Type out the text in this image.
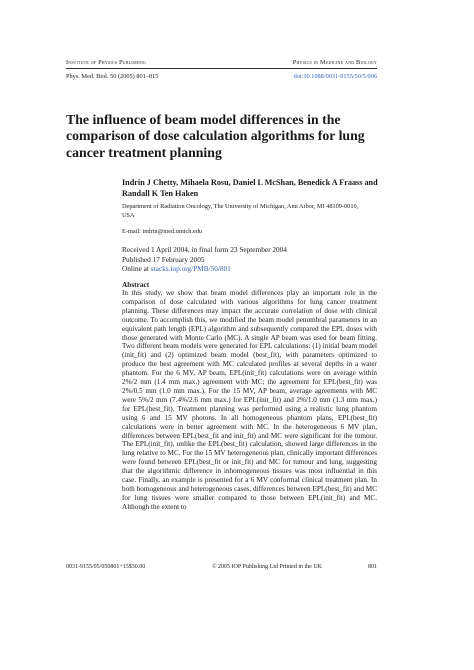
Institute of Physics Publishing	Physics in Medicine and Biology
Phys. Med. Biol. 50 (2005) 801–815	doi:10.1088/0031-9155/50/5/006
The influence of beam model differences in the comparison of dose calculation algorithms for lung cancer treatment planning
Indrin J Chetty, Mihaela Rosu, Daniel L McShan, Benedick A Fraass and Randall K Ten Haken
Department of Radiation Oncology, The University of Michigan, Ann Arbor, MI 48109-0010, USA
E-mail: indrin@med.umich.edu
Received 1 April 2004, in final form 23 September 2004
Published 17 February 2005
Online at stacks.iop.org/PMB/50/801
Abstract

In this study, we show that beam model differences play an important role in the comparison of dose calculated with various algorithms for lung cancer treatment planning. These differences may impact the accurate correlation of dose with clinical outcome. To accomplish this, we modified the beam model penumbral parameters in an equivalent path length (EPL) algorithm and subsequently compared the EPL doses with those generated with Monte Carlo (MC). A single AP beam was used for beam fitting. Two different beam models were generated for EPL calculations: (1) initial beam model (init_fit) and (2) optimized beam model (best_fit), with parameters optimized to produce the best agreement with MC calculated profiles at several depths in a water phantom. For the 6 MV, AP beam, EPL(init_fit) calculations were on average within 2%/2 mm (1.4 mm max.) agreement with MC; the agreement for EPL(best_fit) was 2%/0.5 mm (1.0 mm max.). For the 15 MV, AP beam, average agreements with MC were 5%/2 mm (7.4%/2.6 mm max.) for EPL(init_fit) and 2%/1.0 mm (1.3 mm max.) for EPL(best_fit). Treatment planning was performed using a realistic lung phantom using 6 and 15 MV photons. In all homogeneous phantom plans, EPL(best_fit) calculations were in better agreement with MC. In the heterogeneous 6 MV plan, differences between EPL(best_fit and init_fit) and MC were significant for the tumour. The EPL(init_fit), unlike the EPL(best_fit) calculation, showed large differences in the lung relative to MC. For the 15 MV heterogeneous plan, clinically important differences were found between EPL(best_fit or init_fit) and MC for tumour and lung, suggesting that the algorithmic difference in inhomogeneous tissues was most influential in this case. Finally, an example is presented for a 6 MV conformal clinical treatment plan. In both homogeneous and heterogeneous cases, differences between EPL(best_fit) and MC for lung tissues were smaller compared to those between EPL(init_fit) and MC. Although the extent to

0031-9155/05/050801+15$30.00	© 2005 IOP Publishing Ltd Printed in the UK	801
